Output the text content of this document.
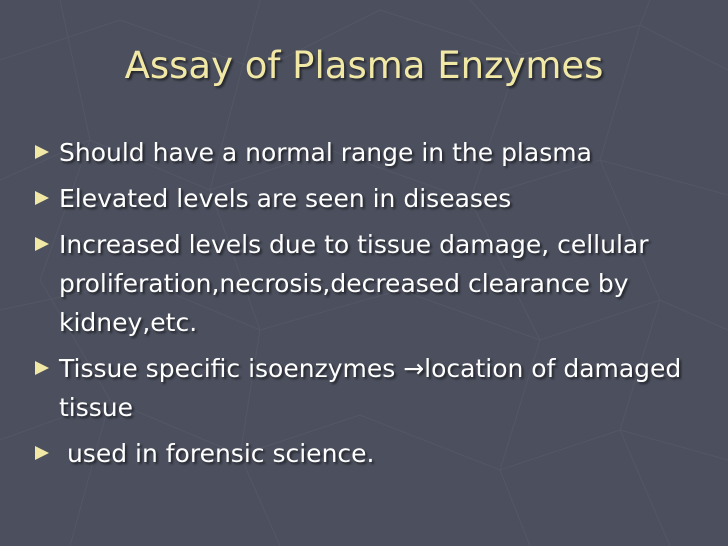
Assay of Plasma Enzymes
Should have a normal range in the plasma
Elevated levels are seen in diseases
Increased levels due to tissue damage, cellular proliferation,necrosis,decreased clearance by kidney,etc.
Tissue specific isoenzymes →location of damaged tissue
used in forensic science.
